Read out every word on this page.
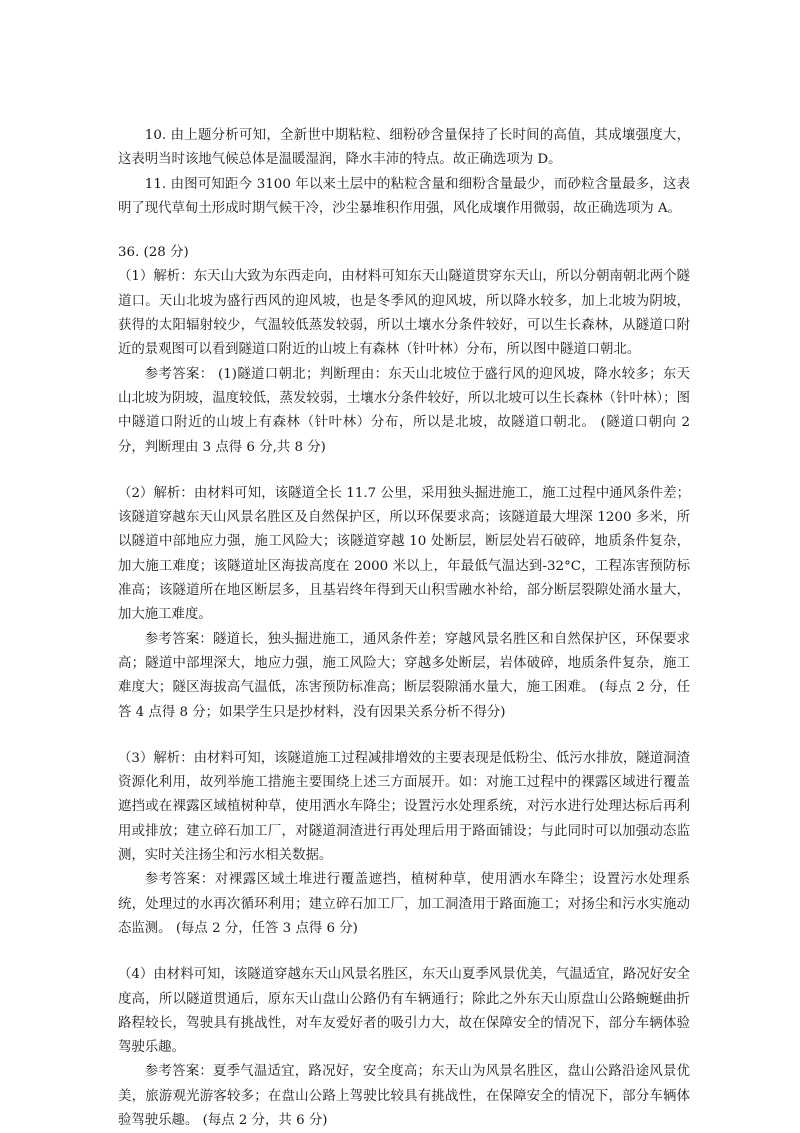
10. 由上题分析可知，全新世中期粘粒、细粉砂含量保持了长时间的高值，其成壤强度大，这表明当时该地气候总体是温暖湿润，降水丰沛的特点。故正确选项为 D。

11. 由图可知距今 3100 年以来土层中的粘粒含量和细粉含量最少，而砂粒含量最多，这表明了现代草甸土形成时期气候干冷，沙尘暴堆积作用强，风化成壤作用微弱，故正确选项为 A。

36. (28 分)

（1）解析：东天山大致为东西走向，由材料可知东天山隧道贯穿东天山，所以分朝南朝北两个隧道口。天山北坡为盛行西风的迎风坡，也是冬季风的迎风坡，所以降水较多，加上北坡为阴坡，获得的太阳辐射较少，气温较低蒸发较弱，所以土壤水分条件较好，可以生长森林，从隧道口附近的景观图可以看到隧道口附近的山坡上有森林（针叶林）分布，所以图中隧道口朝北。

参考答案： (1)隧道口朝北；判断理由：东天山北坡位于盛行风的迎风坡，降水较多；东天山北坡为阴坡，温度较低，蒸发较弱，土壤水分条件较好，所以北坡可以生长森林（针叶林）；图中隧道口附近的山坡上有森林（针叶林）分布，所以是北坡，故隧道口朝北。 (隧道口朝向 2 分，判断理由 3 点得 6 分,共 8 分)

（2）解析：由材料可知，该隧道全长 11.7 公里，采用独头掘进施工，施工过程中通风条件差；该隧道穿越东天山风景名胜区及自然保护区，所以环保要求高；该隧道最大埋深 1200 多米，所以隧道中部地应力强，施工风险大；该隧道穿越 10 处断层，断层处岩石破碎，地质条件复杂，加大施工难度；该隧道址区海拔高度在 2000 米以上，年最低气温达到-32°C，工程冻害预防标准高；该隧道所在地区断层多，且基岩终年得到天山积雪融水补给，部分断层裂隙处涌水量大，加大施工难度。

参考答案：隧道长，独头掘进施工，通风条件差；穿越风景名胜区和自然保护区，环保要求高；隧道中部埋深大，地应力强，施工风险大；穿越多处断层，岩体破碎，地质条件复杂，施工难度大；隧区海拔高气温低，冻害预防标准高；断层裂隙涌水量大，施工困难。 (每点 2 分，任答 4 点得 8 分；如果学生只是抄材料，没有因果关系分析不得分)

（3）解析：由材料可知，该隧道施工过程减排增效的主要表现是低粉尘、低污水排放，隧道洞渣资源化利用，故列举施工措施主要围绕上述三方面展开。如：对施工过程中的裸露区域进行覆盖遮挡或在裸露区域植树种草，使用洒水车降尘；设置污水处理系统，对污水进行处理达标后再利用或排放；建立碎石加工厂，对隧道洞渣进行再处理后用于路面铺设；与此同时可以加强动态监测，实时关注扬尘和污水相关数据。

参考答案：对裸露区域土堆进行覆盖遮挡，植树种草，使用洒水车降尘；设置污水处理系统，处理过的水再次循环利用；建立碎石加工厂，加工洞渣用于路面施工；对扬尘和污水实施动态监测。 (每点 2 分，任答 3 点得 6 分)

（4）由材料可知，该隧道穿越东天山风景名胜区，东天山夏季风景优美，气温适宜，路况好安全度高，所以隧道贯通后，原东天山盘山公路仍有车辆通行；除此之外东天山原盘山公路蜿蜒曲折路程较长，驾驶具有挑战性，对车友爱好者的吸引力大，故在保障安全的情况下，部分车辆体验驾驶乐趣。

参考答案：夏季气温适宜，路况好，安全度高；东天山为风景名胜区，盘山公路沿途风景优美，旅游观光游客较多；在盘山公路上驾驶比较具有挑战性，在保障安全的情况下，部分车辆体验驾驶乐趣。 (每点 2 分，共 6 分)
